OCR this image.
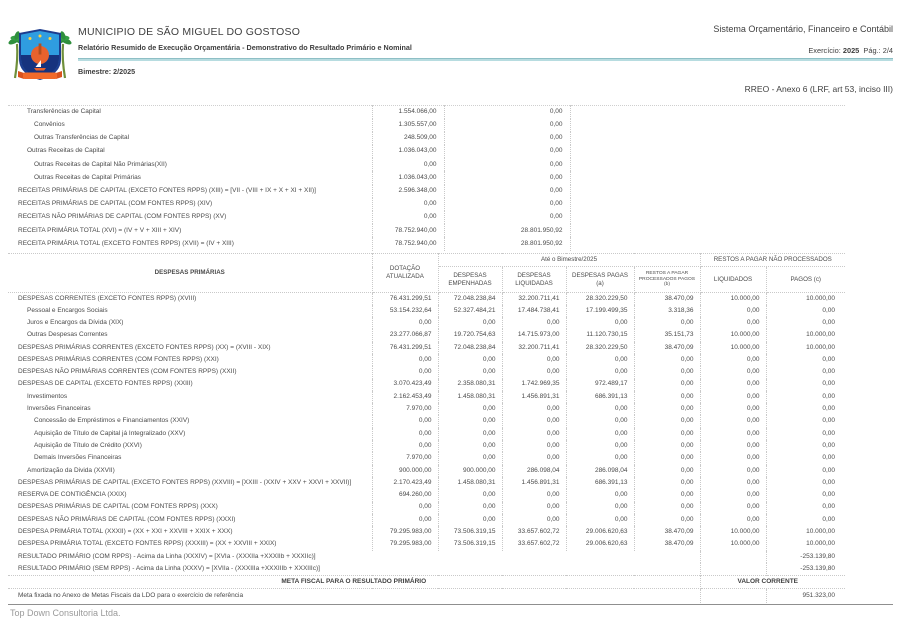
MUNICIPIO DE SÃO MIGUEL DO GOSTOSO
Relatório Resumido de Execução Orçamentária - Demonstrativo do Resultado Primário e Nominal
Bimestre: 2/2025
Sistema Orçamentário, Financeiro e Contábil
Exercício: 2025 Pág.: 2/4
RREO - Anexo 6 (LRF, art 53, inciso III)
Transferências de Capital	1.554.066,00	0,00	
Convênios	1.305.557,00	0,00	
Outras Transferências de Capital	248.509,00	0,00	
Outras Receitas de Capital	1.036.043,00	0,00	
Outras Receitas de Capital Não Primárias(XII)	0,00	0,00	
Outras Receitas de Capital Primárias	1.036.043,00	0,00	
RECEITAS PRIMÁRIAS DE CAPITAL (EXCETO FONTES RPPS) (XIII) = [VII - (VIII + IX + X + XI + XII)]	2.596.348,00	0,00	
RECEITAS PRIMÁRIAS DE CAPITAL (COM FONTES RPPS) (XIV)	0,00	0,00	
RECEITAS NÃO PRIMÁRIAS DE CAPITAL (COM FONTES RPPS) (XV)	0,00	0,00	
RECEITA PRIMÁRIA TOTAL (XVI) = (IV + V + XIII + XIV)	78.752.940,00	28.801.950,92	
RECEITA PRIMÁRIA TOTAL (EXCETO FONTES RPPS) (XVII) = (IV + XIII)	78.752.940,00	28.801.950,92	
DESPESAS PRIMÁRIAS	DOTAÇÃO ATUALIZADA	Até o Bimestre/2025				RESTOS A PAGAR NÃO PROCESSADOS	
		DESPESAS EMPENHADAS	DESPESAS LIQUIDADAS	DESPESAS PAGAS (a)	RESTOS A PAGAR PROCESSADOS PAGOS (b)	LIQUIDADOS	PAGOS (c)
DESPESAS CORRENTES (EXCETO FONTES RPPS) (XVIII)	76.431.299,51	72.048.238,84	32.200.711,41	28.320.229,50	38.470,09	10.000,00	10.000,00
Pessoal e Encargos Sociais	53.154.232,64	52.327.484,21	17.484.738,41	17.199.499,35	3.318,36	0,00	0,00
Juros e Encargos da Dívida (XIX)	0,00	0,00	0,00	0,00	0,00	0,00	0,00
Outras Despesas Correntes	23.277.066,87	19.720.754,63	14.715.973,00	11.120.730,15	35.151,73	10.000,00	10.000,00
DESPESAS PRIMÁRIAS CORRENTES (EXCETO FONTES RPPS) (XX) = (XVIII - XIX)	76.431.299,51	72.048.238,84	32.200.711,41	28.320.229,50	38.470,09	10.000,00	10.000,00
DESPESAS PRIMÁRIAS CORRENTES (COM FONTES RPPS) (XXI)	0,00	0,00	0,00	0,00	0,00	0,00	0,00
DESPESAS NÃO PRIMÁRIAS CORRENTES (COM FONTES RPPS) (XXII)	0,00	0,00	0,00	0,00	0,00	0,00	0,00
DESPESAS DE CAPITAL (EXCETO FONTES RPPS) (XXIII)	3.070.423,49	2.358.080,31	1.742.969,35	972.489,17	0,00	0,00	0,00
Investimentos	2.162.453,49	1.458.080,31	1.456.891,31	686.391,13	0,00	0,00	0,00
Inversões Financeiras	7.970,00	0,00	0,00	0,00	0,00	0,00	0,00
Concessão de Empréstimos e Financiamentos (XXIV)	0,00	0,00	0,00	0,00	0,00	0,00	0,00
Aquisição de Título de Capital já Integralizado (XXV)	0,00	0,00	0,00	0,00	0,00	0,00	0,00
Aquisição de Título de Crédito (XXVI)	0,00	0,00	0,00	0,00	0,00	0,00	0,00
Demais Inversões Financeiras	7.970,00	0,00	0,00	0,00	0,00	0,00	0,00
Amortização da Divida (XXVII)	900.000,00	900.000,00	286.098,04	286.098,04	0,00	0,00	0,00
DESPESAS PRIMÁRIAS DE CAPITAL (EXCETO FONTES RPPS) (XXVIII) = [XXIII - (XXIV + XXV + XXVI + XXVII)]	2.170.423,49	1.458.080,31	1.456.891,31	686.391,13	0,00	0,00	0,00
RESERVA DE CONTIGÊNCIA (XXIX)	694.260,00	0,00	0,00	0,00	0,00	0,00	0,00
DESPESAS PRIMÁRIAS DE CAPITAL (COM FONTES RPPS) (XXX)	0,00	0,00	0,00	0,00	0,00	0,00	0,00
DESPESAS NÃO PRIMÁRIAS DE CAPITAL (COM FONTES RPPS) (XXXI)	0,00	0,00	0,00	0,00	0,00	0,00	0,00
DESPESA PRIMÁRIA TOTAL (XXXII) = (XX + XXI + XXVIII + XXIX + XXX)	79.295.983,00	73.506.319,15	33.657.602,72	29.006.620,63	38.470,09	10.000,00	10.000,00
DESPESA PRIMÁRIA TOTAL (EXCETO FONTES RPPS) (XXXIII) = (XX + XXVIII + XXIX)	79.295.983,00	73.506.319,15	33.657.602,72	29.006.620,63	38.470,09	10.000,00	10.000,00
RESULTADO PRIMÁRIO (COM RPPS) - Acima da Linha (XXXIV) = [XVIa - (XXXIIa +XXXIIb + XXXIIc)]							-253.139,80
RESULTADO PRIMÁRIO (SEM RPPS) - Acima da Linha (XXXV) = [XVIIa - (XXXIIIa +XXXIIIb + XXXIIIc)]							-253.139,80
META FISCAL PARA O RESULTADO PRIMÁRIO						VALOR CORRENTE	
Meta fixada no Anexo de Metas Fiscais da LDO para o exercício de referência							951.323,00
Top Down Consultoria Ltda.
